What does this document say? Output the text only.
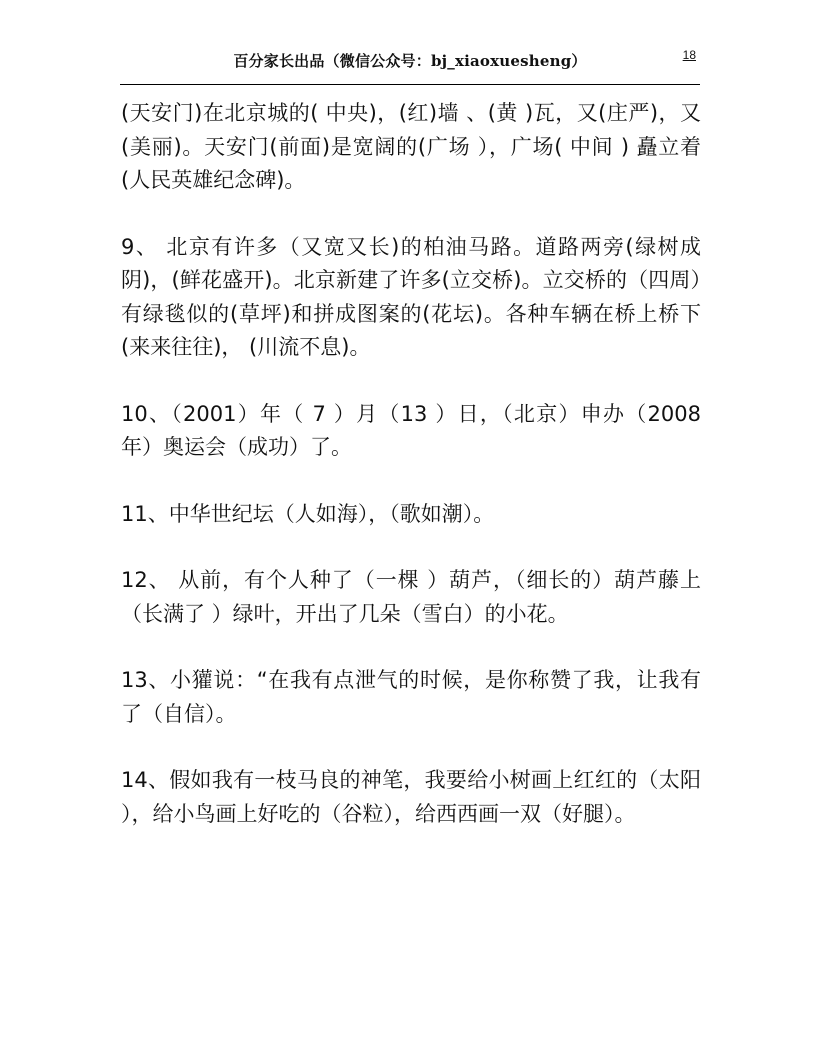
百分家长出品（微信公众号：bj_xiaoxuesheng）	18

(天安门)在北京城的( 中央)，(红)墙 、(黄 )瓦，又(庄严)，又(美丽)。天安门(前面)是宽阔的(广场 ），广场( 中间 ) 矗立着(人民英雄纪念碑)。

9、 北京有许多（又宽又长)的柏油马路。道路两旁(绿树成阴)，(鲜花盛开)。北京新建了许多(立交桥)。立交桥的（四周）有绿毯似的(草坪)和拼成图案的(花坛)。各种车辆在桥上桥下(来来往往)， (川流不息)。

10、（2001）年（ 7 ）月（13 ）日，（北京）申办（2008年）奥运会（成功）了。

11、中华世纪坛（人如海），（歌如潮）。

12、 从前，有个人种了（一棵 ）葫芦，（细长的）葫芦藤上（长满了 ）绿叶，开出了几朵（雪白）的小花。

13、小獾说：“在我有点泄气的时候，是你称赞了我，让我有了（自信）。

14、假如我有一枝马良的神笔，我要给小树画上红红的（太阳 ），给小鸟画上好吃的（谷粒），给西西画一双（好腿）。
